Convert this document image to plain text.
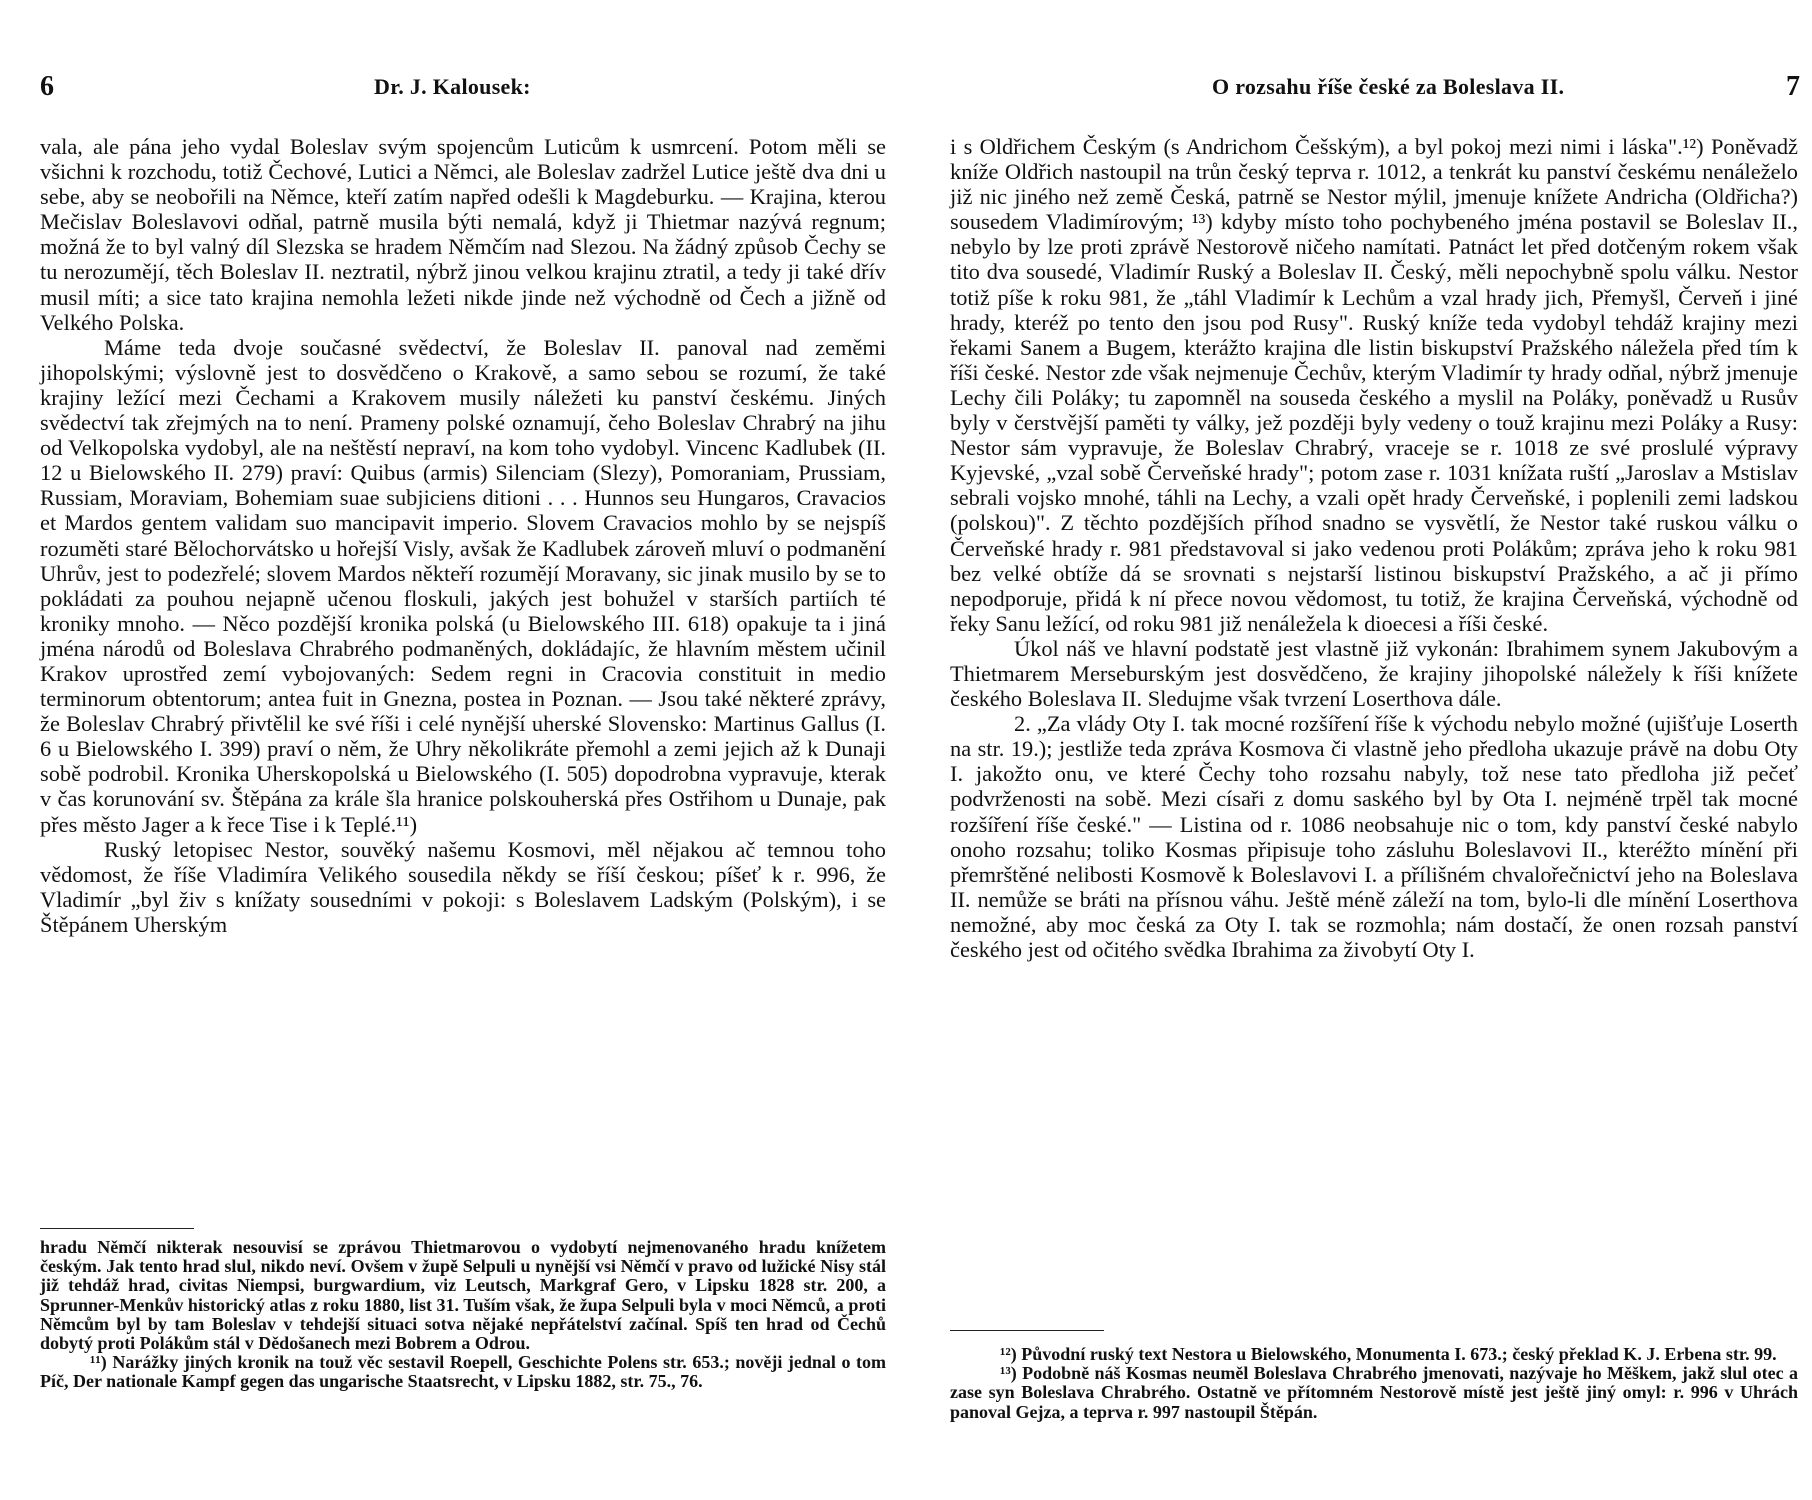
6	Dr. J. Kalousek:

vala, ale pána jeho vydal Boleslav svým spojencům Luticům k usmrcení. Potom měli se všichni k rozchodu, totiž Čechové, Lutici a Němci, ale Boleslav zadržel Lutice ještě dva dni u sebe, aby se neobořili na Němce, kteří zatím napřed odešli k Magdeburku. — Krajina, kterou Mečislav Boleslavovi odňal, patrně musila býti nemalá, když ji Thietmar nazývá regnum; možná že to byl valný díl Slezska se hradem Němčím nad Slezou. Na žádný způsob Čechy se tu nerozumějí, těch Boleslav II. neztratil, nýbrž jinou velkou krajinu ztratil, a tedy ji také dřív musil míti; a sice tato krajina nemohla ležeti nikde jinde než východně od Čech a jižně od Velkého Polska.

Máme teda dvoje současné svědectví, že Boleslav II. panoval nad zeměmi jihopolskými; výslovně jest to dosvědčeno o Krakově, a samo sebou se rozumí, že také krajiny ležící mezi Čechami a Krakovem musily náležeti ku panství českému. Jiných svědectví tak zřejmých na to není. Prameny polské oznamují, čeho Boleslav Chrabrý na jihu od Velkopolska vydobyl, ale na neštěstí nepraví, na kom toho vydobyl. Vincenc Kadlubek (II. 12 u Bielowského II. 279) praví: Quibus (armis) Silenciam (Slezy), Pomoraniam, Prussiam, Russiam, Moraviam, Bohemiam suae subjiciens ditioni . . . Hunnos seu Hungaros, Cravacios et Mardos gentem validam suo mancipavit imperio. Slovem Cravacios mohlo by se nejspíš rozuměti staré Bělochorvátsko u hořejší Visly, avšak že Kadlubek zároveň mluví o podmanění Uhrův, jest to podezřelé; slovem Mardos někteří rozumějí Moravany, sic jinak musilo by se to pokládati za pouhou nejapně učenou floskuli, jakých jest bohužel v starších partiích té kroniky mnoho. — Něco pozdější kronika polská (u Bielowského III. 618) opakuje ta i jiná jména národů od Boleslava Chrabrého podmaněných, dokládajíc, že hlavním městem učinil Krakov uprostřed zemí vybojovaných: Sedem regni in Cracovia constituit in medio terminorum obtentorum; antea fuit in Gnezna, postea in Poznan. — Jsou také některé zprávy, že Boleslav Chrabrý přivtělil ke své říši i celé nynější uherské Slovensko: Martinus Gallus (I. 6 u Bielowského I. 399) praví o něm, že Uhry několikráte přemohl a zemi jejich až k Dunaji sobě podrobil. Kronika Uherskopolská u Bielowského (I. 505) dopodrobna vypravuje, kterak v čas korunování sv. Štěpána za krále šla hranice polskouherská přes Ostřihom u Dunaje, pak přes město Jager a k řece Tise i k Teplé.¹¹)

Ruský letopisec Nestor, souvěký našemu Kosmovi, měl nějakou ač temnou toho vědomost, že říše Vladimíra Velikého sousedila někdy se říší českou; píšeť k r. 996, že Vladimír „byl živ s knížaty sousedními v pokoji: s Boleslavem Ladským (Polským), i se Štěpánem Uherským

hradu Němčí nikterak nesouvisí se zprávou Thietmarovou o vydobytí nejmenovaného hradu knížetem českým. Jak tento hrad slul, nikdo neví. Ovšem v župě Selpuli u nynější vsi Němčí v pravo od lužické Nisy stál již tehdáž hrad, civitas Niempsi, burgwardium, viz Leutsch, Markgraf Gero, v Lipsku 1828 str. 200, a Sprunner-Menkův historický atlas z roku 1880, list 31. Tuším však, že župa Selpuli byla v moci Němců, a proti Němcům byl by tam Boleslav v tehdejší situaci sotva nějaké nepřátelství začínal. Spíš ten hrad od Čechů dobytý proti Polákům stál v Dědošanech mezi Bobrem a Odrou.

¹¹) Narážky jiných kronik na touž věc sestavil Roepell, Geschichte Polens str. 653.; nověji jednal o tom Píč, Der nationale Kampf gegen das ungarische Staatsrecht, v Lipsku 1882, str. 75., 76.

O rozsahu říše české za Boleslava II.	7

i s Oldřichem Českým (s Andrichom Češským), a byl pokoj mezi nimi i láska".¹²) Poněvadž kníže Oldřich nastoupil na trůn český teprva r. 1012, a tenkrát ku panství českému nenáleželo již nic jiného než země Česká, patrně se Nestor mýlil, jmenuje knížete Andricha (Oldřicha?) sousedem Vladimírovým; ¹³) kdyby místo toho pochybeného jména postavil se Boleslav II., nebylo by lze proti zprávě Nestorově ničeho namítati. Patnáct let před dotčeným rokem však tito dva sousedé, Vladimír Ruský a Boleslav II. Český, měli nepochybně spolu válku. Nestor totiž píše k roku 981, že „táhl Vladimír k Lechům a vzal hrady jich, Přemyšl, Červeň i jiné hrady, kteréž po tento den jsou pod Rusy". Ruský kníže teda vydobyl tehdáž krajiny mezi řekami Sanem a Bugem, kterážto krajina dle listin biskupství Pražského náležela před tím k říši české. Nestor zde však nejmenuje Čechův, kterým Vladimír ty hrady odňal, nýbrž jmenuje Lechy čili Poláky; tu zapomněl na souseda českého a myslil na Poláky, poněvadž u Rusův byly v čerstvější paměti ty války, jež později byly vedeny o touž krajinu mezi Poláky a Rusy: Nestor sám vypravuje, že Boleslav Chrabrý, vraceje se r. 1018 ze své proslulé výpravy Kyjevské, „vzal sobě Červeňské hrady"; potom zase r. 1031 knížata ruští „Jaroslav a Mstislav sebrali vojsko mnohé, táhli na Lechy, a vzali opět hrady Červeňské, i poplenili zemi ladskou (polskou)". Z těchto pozdějších příhod snadno se vysvětlí, že Nestor také ruskou válku o Červeňské hrady r. 981 představoval si jako vedenou proti Polákům; zpráva jeho k roku 981 bez velké obtíže dá se srovnati s nejstarší listinou biskupství Pražského, a ač ji přímo nepodporuje, přidá k ní přece novou vědomost, tu totiž, že krajina Červeňská, východně od řeky Sanu ležící, od roku 981 již nenáležela k dioecesi a říši české.

Úkol náš ve hlavní podstatě jest vlastně již vykonán: Ibrahimem synem Jakubovým a Thietmarem Merseburským jest dosvědčeno, že krajiny jihopolské náležely k říši knížete českého Boleslava II. Sledujme však tvrzení Loserthova dále.

2. „Za vlády Oty I. tak mocné rozšíření říše k východu nebylo možné (ujišťuje Loserth na str. 19.); jestliže teda zpráva Kosmova či vlastně jeho předloha ukazuje právě na dobu Oty I. jakožto onu, ve které Čechy toho rozsahu nabyly, tož nese tato předloha již pečeť podvrženosti na sobě. Mezi císaři z domu saského byl by Ota I. nejméně trpěl tak mocné rozšíření říše české." — Listina od r. 1086 neobsahuje nic o tom, kdy panství české nabylo onoho rozsahu; toliko Kosmas připisuje toho zásluhu Boleslavovi II., kteréžto mínění při přemrštěné nelibosti Kosmově k Boleslavovi I. a přílišném chvalořečnictví jeho na Boleslava II. nemůže se bráti na přísnou váhu. Ještě méně záleží na tom, bylo-li dle mínění Loserthova nemožné, aby moc česká za Oty I. tak se rozmohla; nám dostačí, že onen rozsah panství českého jest od očitého svědka Ibrahima za živobytí Oty I.

¹²) Původní ruský text Nestora u Bielowského, Monumenta I. 673.; český překlad K. J. Erbena str. 99.

¹³) Podobně náš Kosmas neuměl Boleslava Chrabrého jmenovati, nazývaje ho Měškem, jakž slul otec a zase syn Boleslava Chrabrého. Ostatně ve přítomném Nestorově místě jest ještě jiný omyl: r. 996 v Uhrách panoval Gejza, a teprva r. 997 nastoupil Štěpán.
